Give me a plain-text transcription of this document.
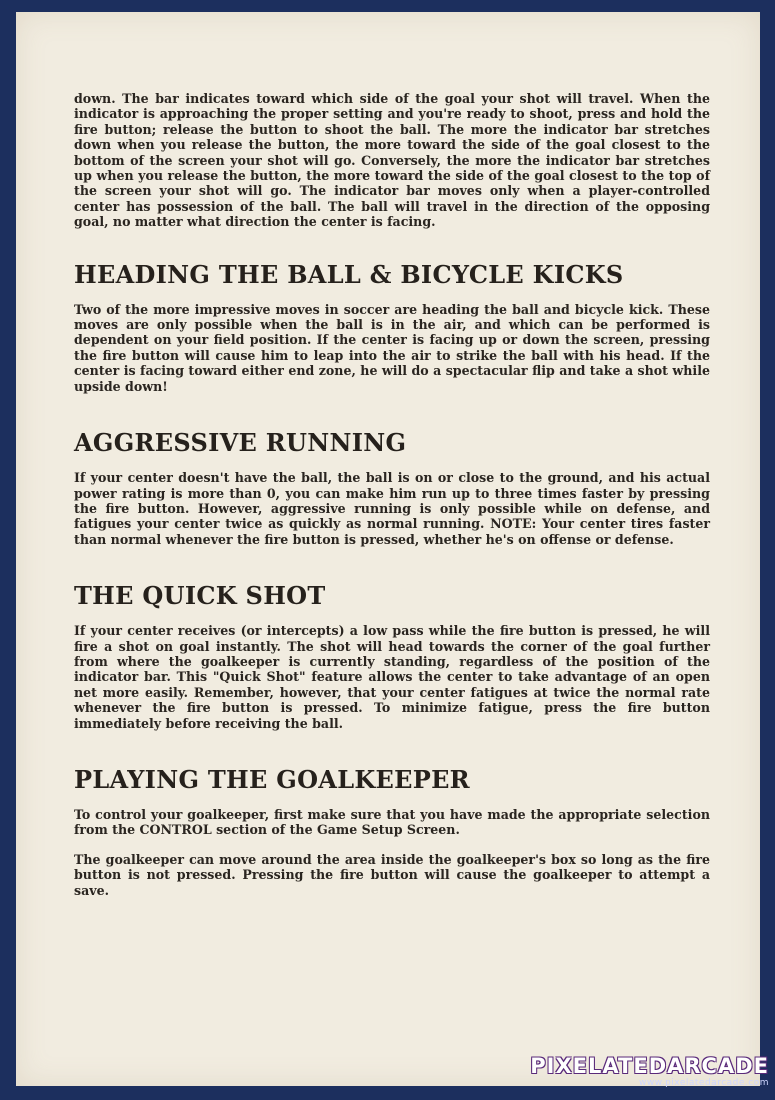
down. The bar indicates toward which side of the goal your shot will travel. When the indicator is approaching the proper setting and you're ready to shoot, press and hold the fire button; release the button to shoot the ball. The more the indicator bar stretches down when you release the button, the more toward the side of the goal closest to the bottom of the screen your shot will go. Conversely, the more the indicator bar stretches up when you release the button, the more toward the side of the goal closest to the top of the screen your shot will go. The indicator bar moves only when a player-controlled center has possession of the ball. The ball will travel in the direction of the opposing goal, no matter what direction the center is facing.

HEADING THE BALL & BICYCLE KICKS

Two of the more impressive moves in soccer are heading the ball and bicycle kick. These moves are only possible when the ball is in the air, and which can be performed is dependent on your field position. If the center is facing up or down the screen, pressing the fire button will cause him to leap into the air to strike the ball with his head. If the center is facing toward either end zone, he will do a spectacular flip and take a shot while upside down!

AGGRESSIVE RUNNING

If your center doesn't have the ball, the ball is on or close to the ground, and his actual power rating is more than 0, you can make him run up to three times faster by pressing the fire button. However, aggressive running is only possible while on defense, and fatigues your center twice as quickly as normal running. NOTE: Your center tires faster than normal whenever the fire button is pressed, whether he's on offense or defense.

THE QUICK SHOT

If your center receives (or intercepts) a low pass while the fire button is pressed, he will fire a shot on goal instantly. The shot will head towards the corner of the goal further from where the goalkeeper is currently standing, regardless of the position of the indicator bar. This "Quick Shot" feature allows the center to take advantage of an open net more easily. Remember, however, that your center fatigues at twice the normal rate whenever the fire button is pressed. To minimize fatigue, press the fire button immediately before receiving the ball.

PLAYING THE GOALKEEPER

To control your goalkeeper, first make sure that you have made the appropriate selection from the CONTROL section of the Game Setup Screen.

The goalkeeper can move around the area inside the goalkeeper's box so long as the fire button is not pressed. Pressing the fire button will cause the goalkeeper to attempt a save.

PIXELATEDARCADE
www.pixelatedarcade.com
